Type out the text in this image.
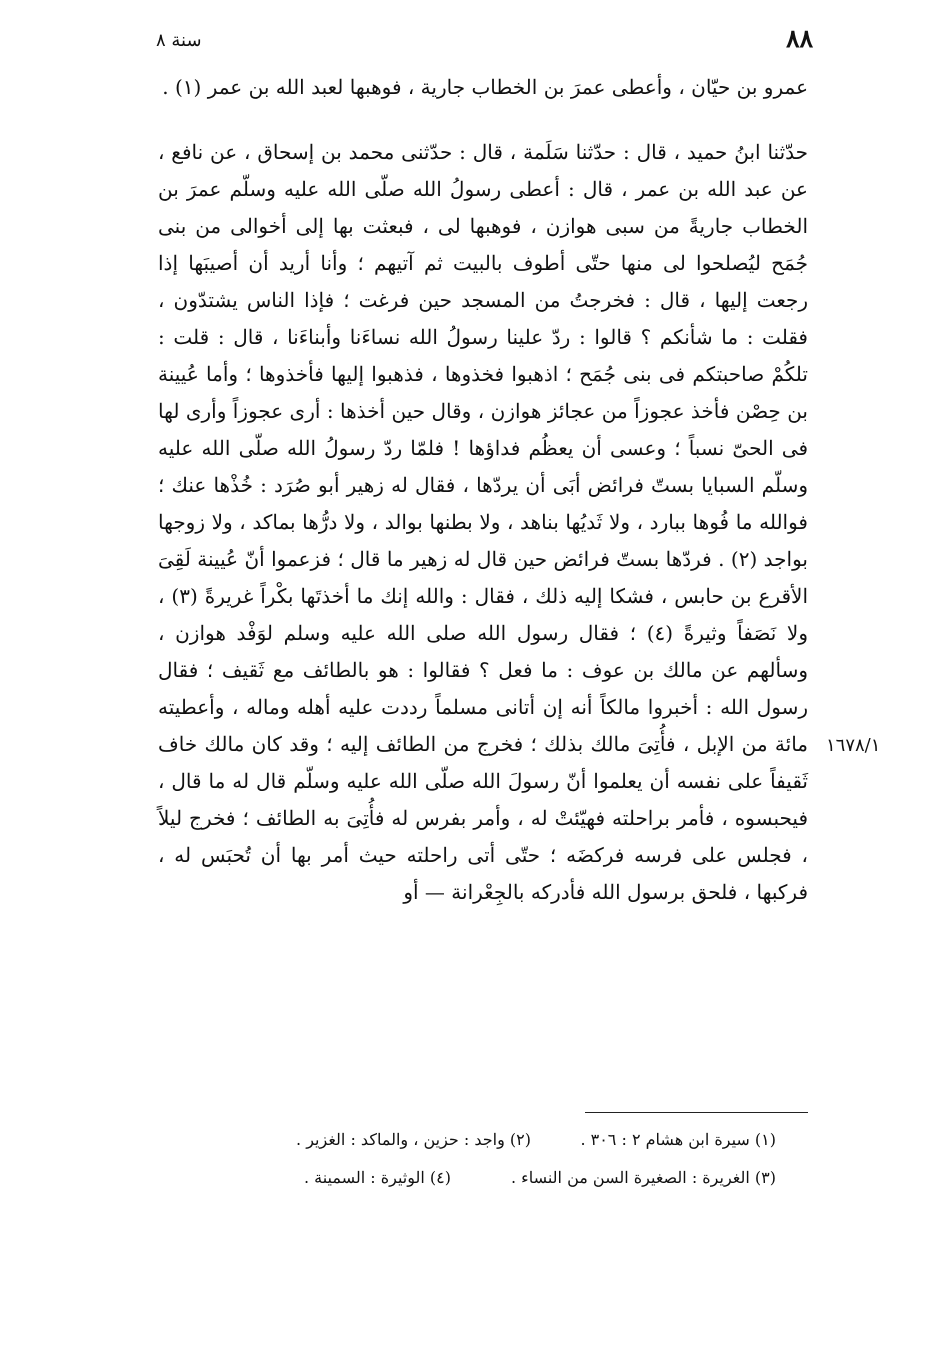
٨٨
سنة ٨

عمرو بن حيّان ، وأعطى عمرَ بن الخطاب جارية ، فوهبها لعبد الله بن عمر (١) .

حدّثنا ابنُ حميد ، قال : حدّثنا سَلَمة ، قال : حدّثنى محمد بن إسحاق ، عن نافع ، عن عبد الله بن عمر ، قال : أعطى رسولُ الله صلّى الله عليه وسلّم عمرَ بن الخطاب جاريةً من سبى هوازن ، فوهبها لى ، فبعثت بها إلى أخوالى من بنى جُمَح ليُصلحوا لى منها حتّى أطوف بالبيت ثم آتيهم ؛ وأنا أريد أن أصيبَها إذا رجعت إليها ، قال : فخرجتُ من المسجد حين فرغت ؛ فإذا الناس يشتدّون ، فقلت : ما شأنكم ؟ قالوا : ردّ علينا رسولُ الله نساءَنا وأبناءَنا ، قال : قلت : تلكُمْ صاحبتكم فى بنى جُمَح ؛ اذهبوا فخذوها ، فذهبوا إليها فأخذوها ؛ وأما عُيينة بن حِصْن فأخذ عجوزاً من عجائز هوازن ، وقال حين أخذها : أرى عجوزاً وأرى لها فى الحىّ نسباً ؛ وعسى أن يعظُم فداؤها ! فلمّا ردّ رسولُ الله صلّى الله عليه وسلّم السبايا بستّ فرائض أبَى أن يردّها ، فقال له زهير أبو صُرَد : خُذْها عنك ؛ فوالله ما فُوها ببارد ، ولا ثَديُها بناهد ، ولا بطنها بوالد ، ولا درُّها بماكد ، ولا زوجها بواجد (٢) . فردّها بستّ فرائض حين قال له زهير ما قال ؛ فزعموا أنّ عُيينة لَقِىَ الأقرع بن حابس ، فشكا إليه ذلك ، فقال : والله إنك ما أخذتَها بكْراً غريرةً (٣) ، ولا نَصَفاً وثيرةً (٤) ؛ فقال رسول الله صلى الله عليه وسلم لوَفْد هوازن ، وسألهم عن مالك بن عوف : ما فعل ؟ فقالوا : هو بالطائف مع ثَقيف ؛ فقال رسول الله : أخبروا مالكاً أنه إن أتانى مسلماً رددت عليه أهله وماله ، وأعطيته مائة من الإبل ، فأُتِىَ مالك بذلك ؛ فخرج من الطائف إليه ؛ وقد كان مالك خاف ثَقيفاً على نفسه أن يعلموا أنّ رسولَ الله صلّى الله عليه وسلّم قال له ما قال ، فيحبسوه ، فأمر براحلته فهيّئتْ له ، وأمر بفرس له فأُتِىَ به الطائف ؛ فخرج ليلاً ، فجلس على فرسه فركضَه ؛ حتّى أتى راحلته حيث أمر بها أن تُحبَس له ، فركبها ، فلحق برسول الله فأدركه بالجِعْرانة — أو

١٦٧٨/١
(١) سيرة ابن هشام ٢ : ٣٠٦ .
(٢) واجد : حزين ، والماكد : الغزير .
(٣) الغريرة : الصغيرة السن من النساء .
(٤) الوثيرة : السمينة .
